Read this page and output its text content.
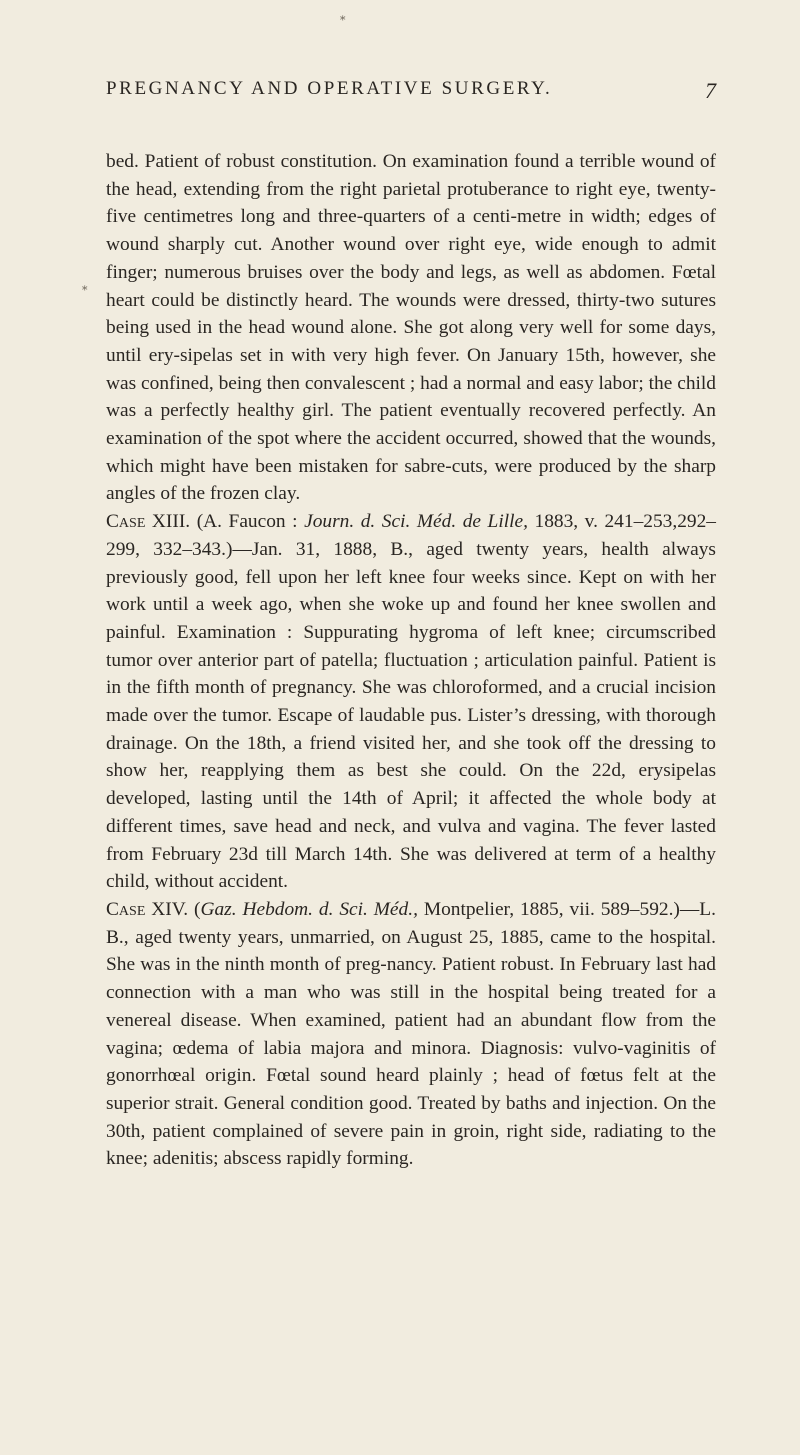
PREGNANCY AND OPERATIVE SURGERY.	7

bed. Patient of robust constitution. On examination found a terrible wound of the head, extending from the right parietal protuberance to right eye, twenty-five centimetres long and three-quarters of a centi-metre in width; edges of wound sharply cut. Another wound over right eye, wide enough to admit finger; numerous bruises over the body and legs, as well as abdomen. Fœtal heart could be distinctly heard. The wounds were dressed, thirty-two sutures being used in the head wound alone. She got along very well for some days, until ery-sipelas set in with very high fever. On January 15th, however, she was confined, being then convalescent ; had a normal and easy labor; the child was a perfectly healthy girl. The patient eventually recovered perfectly. An examination of the spot where the accident occurred, showed that the wounds, which might have been mistaken for sabre-cuts, were produced by the sharp angles of the frozen clay.

Case XIII. (A. Faucon : Journ. d. Sci. Méd. de Lille, 1883, v. 241–253,292–299, 332–343.)—Jan. 31, 1888, B., aged twenty years, health always previously good, fell upon her left knee four weeks since. Kept on with her work until a week ago, when she woke up and found her knee swollen and painful. Examination : Suppurating hygroma of left knee; circumscribed tumor over anterior part of patella; fluctuation ; articulation painful. Patient is in the fifth month of pregnancy. She was chloroformed, and a crucial incision made over the tumor. Escape of laudable pus. Lister’s dressing, with thorough drainage. On the 18th, a friend visited her, and she took off the dressing to show her, reapplying them as best she could. On the 22d, erysipelas developed, lasting until the 14th of April; it affected the whole body at different times, save head and neck, and vulva and vagina. The fever lasted from February 23d till March 14th. She was delivered at term of a healthy child, without accident.

Case XIV. (Gaz. Hebdom. d. Sci. Méd., Montpelier, 1885, vii. 589–592.)—L. B., aged twenty years, unmarried, on August 25, 1885, came to the hospital. She was in the ninth month of preg-nancy. Patient robust. In February last had connection with a man who was still in the hospital being treated for a venereal disease. When examined, patient had an abundant flow from the vagina; œdema of labia majora and minora. Diagnosis: vulvo-vaginitis of gonorrhœal origin. Fœtal sound heard plainly ; head of fœtus felt at the superior strait. General condition good. Treated by baths and injection. On the 30th, patient complained of severe pain in groin, right side, radiating to the knee; adenitis; abscess rapidly forming.

⁎
⁎
